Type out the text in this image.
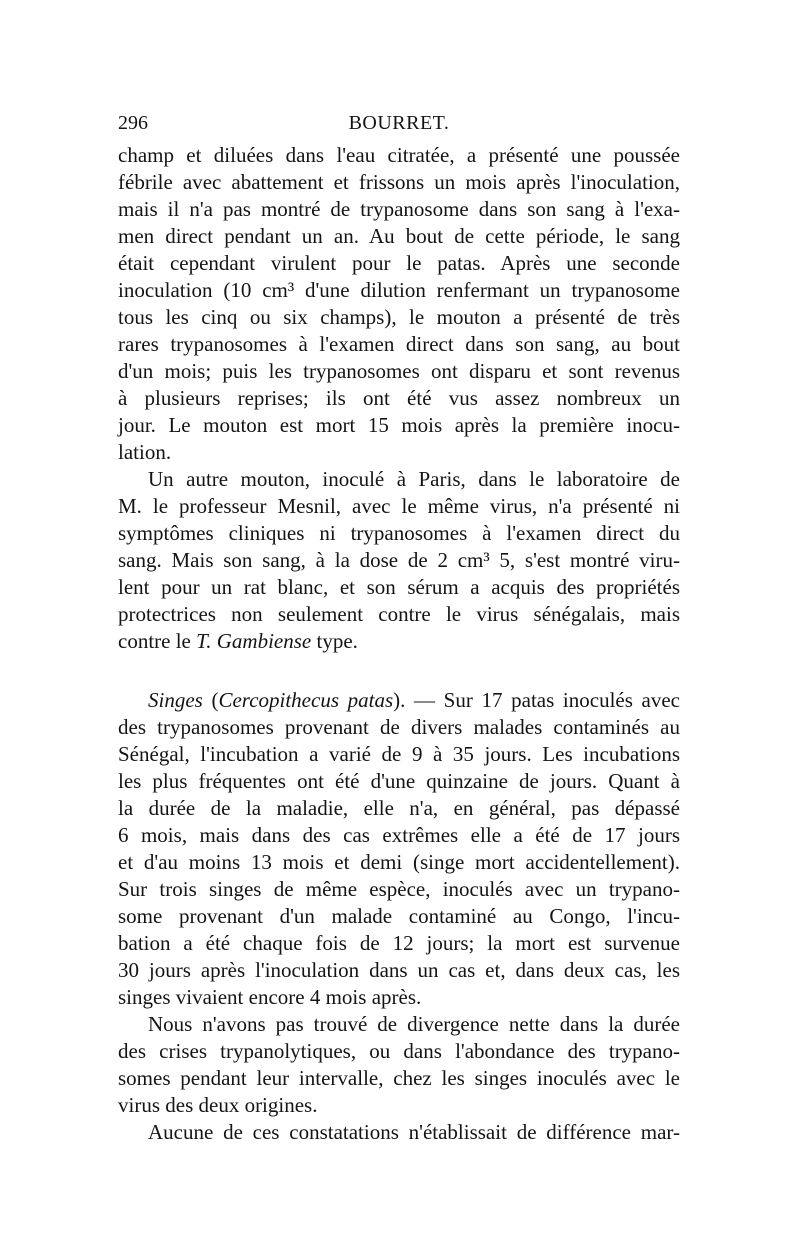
296	BOURRET.
champ et diluées dans l'eau citratée, a présenté une poussée
fébrile avec abattement et frissons un mois après l'inoculation,
mais il n'a pas montré de trypanosome dans son sang à l'exa-
men direct pendant un an. Au bout de cette période, le sang
était cependant virulent pour le patas. Après une seconde
inoculation (10 cm³ d'une dilution renfermant un trypanosome
tous les cinq ou six champs), le mouton a présenté de très
rares trypanosomes à l'examen direct dans son sang, au bout
d'un mois; puis les trypanosomes ont disparu et sont revenus
à plusieurs reprises; ils ont été vus assez nombreux un
jour. Le mouton est mort 15 mois après la première inocu-
lation.
Un autre mouton, inoculé à Paris, dans le laboratoire de
M. le professeur Mesnil, avec le même virus, n'a présenté ni
symptômes cliniques ni trypanosomes à l'examen direct du
sang. Mais son sang, à la dose de 2 cm³ 5, s'est montré viru-
lent pour un rat blanc, et son sérum a acquis des propriétés
protectrices non seulement contre le virus sénégalais, mais
contre le T. Gambiense type.
Singes (Cercopithecus patas). — Sur 17 patas inoculés avec
des trypanosomes provenant de divers malades contaminés au
Sénégal, l'incubation a varié de 9 à 35 jours. Les incubations
les plus fréquentes ont été d'une quinzaine de jours. Quant à
la durée de la maladie, elle n'a, en général, pas dépassé
6 mois, mais dans des cas extrêmes elle a été de 17 jours
et d'au moins 13 mois et demi (singe mort accidentellement).
Sur trois singes de même espèce, inoculés avec un trypano-
some provenant d'un malade contaminé au Congo, l'incu-
bation a été chaque fois de 12 jours; la mort est survenue
30 jours après l'inoculation dans un cas et, dans deux cas, les
singes vivaient encore 4 mois après.
Nous n'avons pas trouvé de divergence nette dans la durée
des crises trypanolytiques, ou dans l'abondance des trypano-
somes pendant leur intervalle, chez les singes inoculés avec le
virus des deux origines.
Aucune de ces constatations n'établissait de différence mar-
